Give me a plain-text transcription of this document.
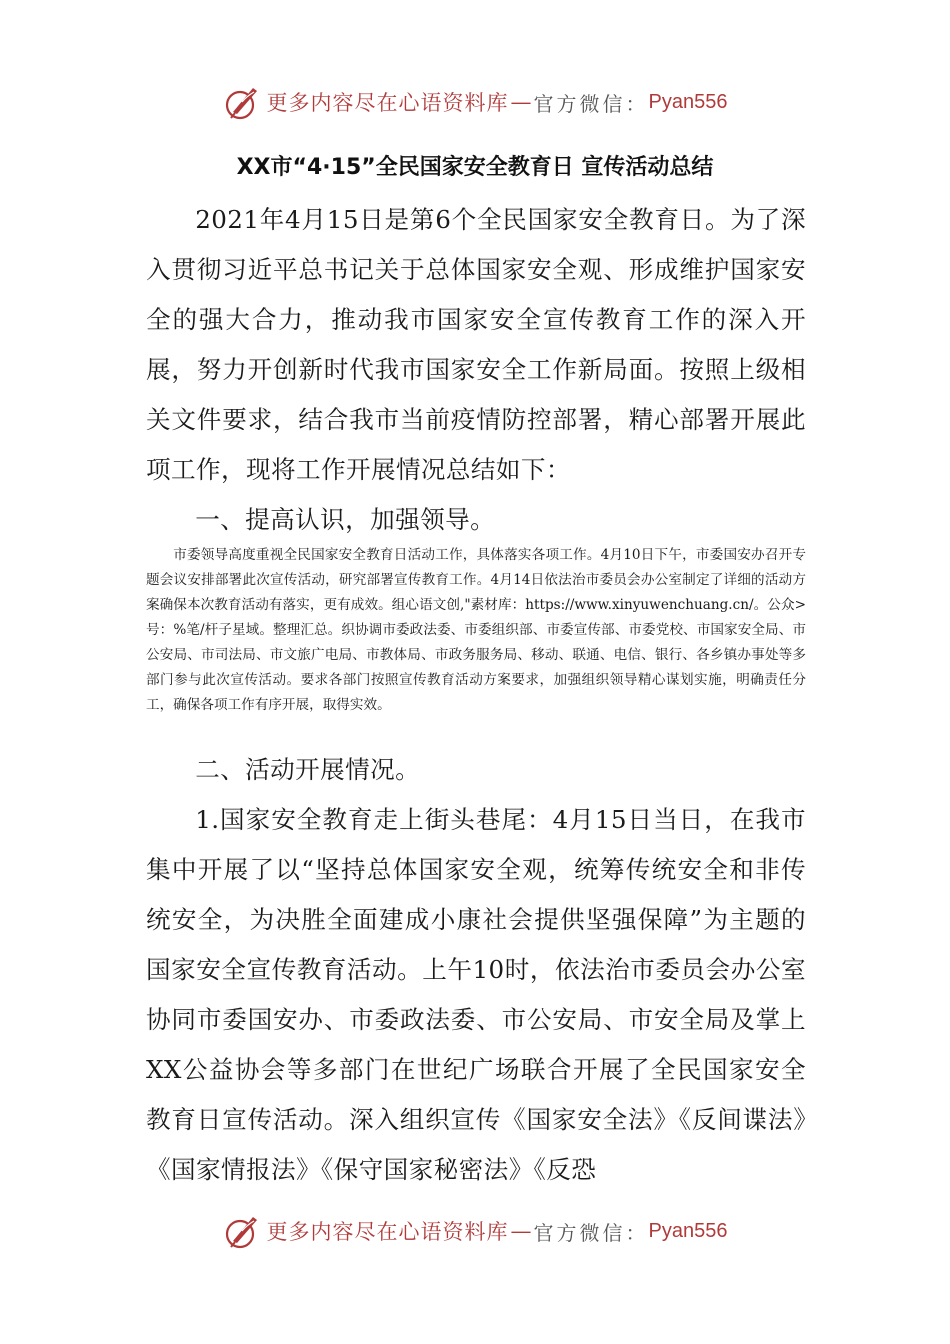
更多内容尽在心语资料库 — 官方微信： Pyan556
XX市“4·15”全民国家安全教育日 宣传活动总结

2021年4月15日是第6个全民国家安全教育日。为了深入贯彻习近平总书记关于总体国家安全观、形成维护国家安全的强大合力，推动我市国家安全宣传教育工作的深入开展，努力开创新时代我市国家安全工作新局面。按照上级相关文件要求，结合我市当前疫情防控部署，精心部署开展此项工作，现将工作开展情况总结如下：

一、提高认识，加强领导。

市委领导高度重视全民国家安全教育日活动工作，具体落实各项工作。4月10日下午，市委国安办召开专题会议安排部署此次宣传活动，研究部署宣传教育工作。4月14日依法治市委员会办公室制定了详细的活动方案确保本次教育活动有落实，更有成效。组心语文创,"素材库：https://www.xinyuwenchuang.cn/。公众>号：%笔/杆子星域。整理汇总。织协调市委政法委、市委组织部、市委宣传部、市委党校、市国家安全局、市公安局、市司法局、市文旅广电局、市教体局、市政务服务局、移动、联通、电信、银行、各乡镇办事处等多部门参与此次宣传活动。要求各部门按照宣传教育活动方案要求，加强组织领导精心谋划实施，明确责任分工，确保各项工作有序开展，取得实效。

二、活动开展情况。

1.国家安全教育走上街头巷尾：4月15日当日，在我市集中开展了以“坚持总体国家安全观，统筹传统安全和非传统安全，为决胜全面建成小康社会提供坚强保障”为主题的国家安全宣传教育活动。上午10时，依法治市委员会办公室协同市委国安办、市委政法委、市公安局、市安全局及掌上XX公益协会等多部门在世纪广场联合开展了全民国家安全教育日宣传活动。深入组织宣传《国家安全法》《反间谍法》《国家情报法》《保守国家秘密法》《反恐

更多内容尽在心语资料库 — 官方微信： Pyan556
